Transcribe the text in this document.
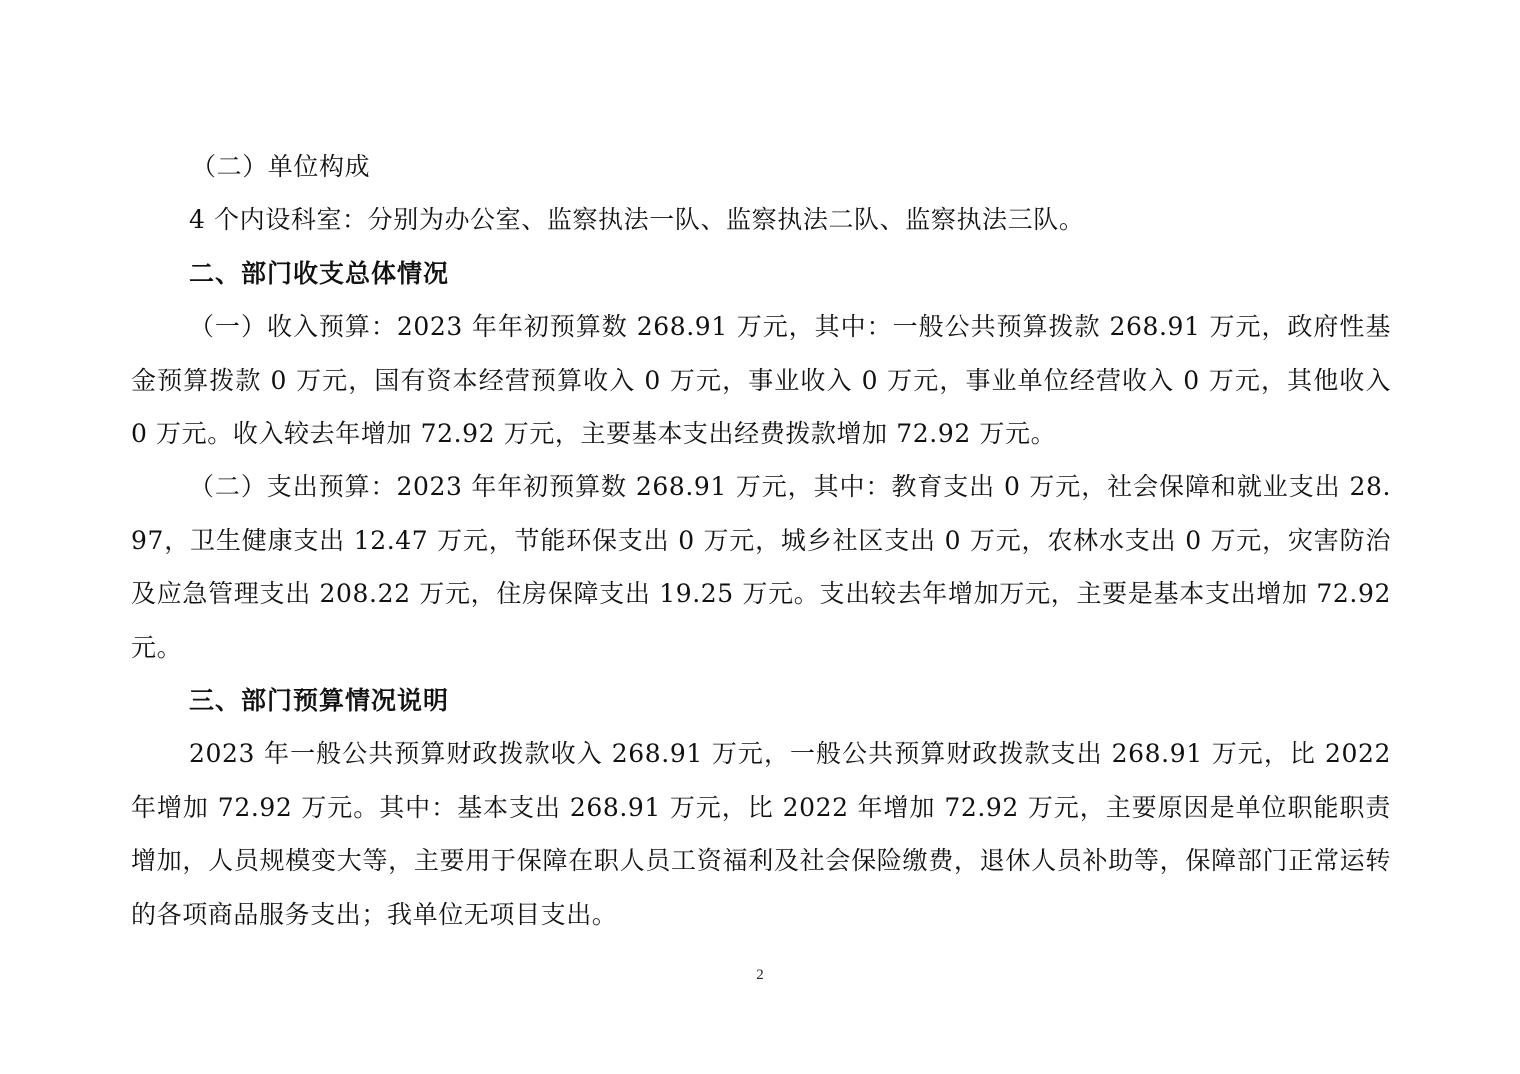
（二）单位构成

4 个内设科室：分别为办公室、监察执法一队、监察执法二队、监察执法三队。

二、部门收支总体情况

（一）收入预算：2023 年年初预算数 268.91 万元，其中：一般公共预算拨款 268.91 万元，政府性基金预算拨款 0 万元，国有资本经营预算收入 0 万元，事业收入 0 万元，事业单位经营收入 0 万元，其他收入 0 万元。收入较去年增加 72.92 万元，主要基本支出经费拨款增加 72.92 万元。

（二）支出预算：2023 年年初预算数 268.91 万元，其中：教育支出 0 万元，社会保障和就业支出 28.97，卫生健康支出 12.47 万元，节能环保支出 0 万元，城乡社区支出 0 万元，农林水支出 0 万元，灾害防治及应急管理支出 208.22 万元，住房保障支出 19.25 万元。支出较去年增加万元，主要是基本支出增加 72.92 元。

三、部门预算情况说明

2023 年一般公共预算财政拨款收入 268.91 万元，一般公共预算财政拨款支出 268.91 万元，比 2022 年增加 72.92 万元。其中：基本支出 268.91 万元，比 2022 年增加 72.92 万元，主要原因是单位职能职责增加，人员规模变大等，主要用于保障在职人员工资福利及社会保险缴费，退休人员补助等，保障部门正常运转的各项商品服务支出；我单位无项目支出。

2
